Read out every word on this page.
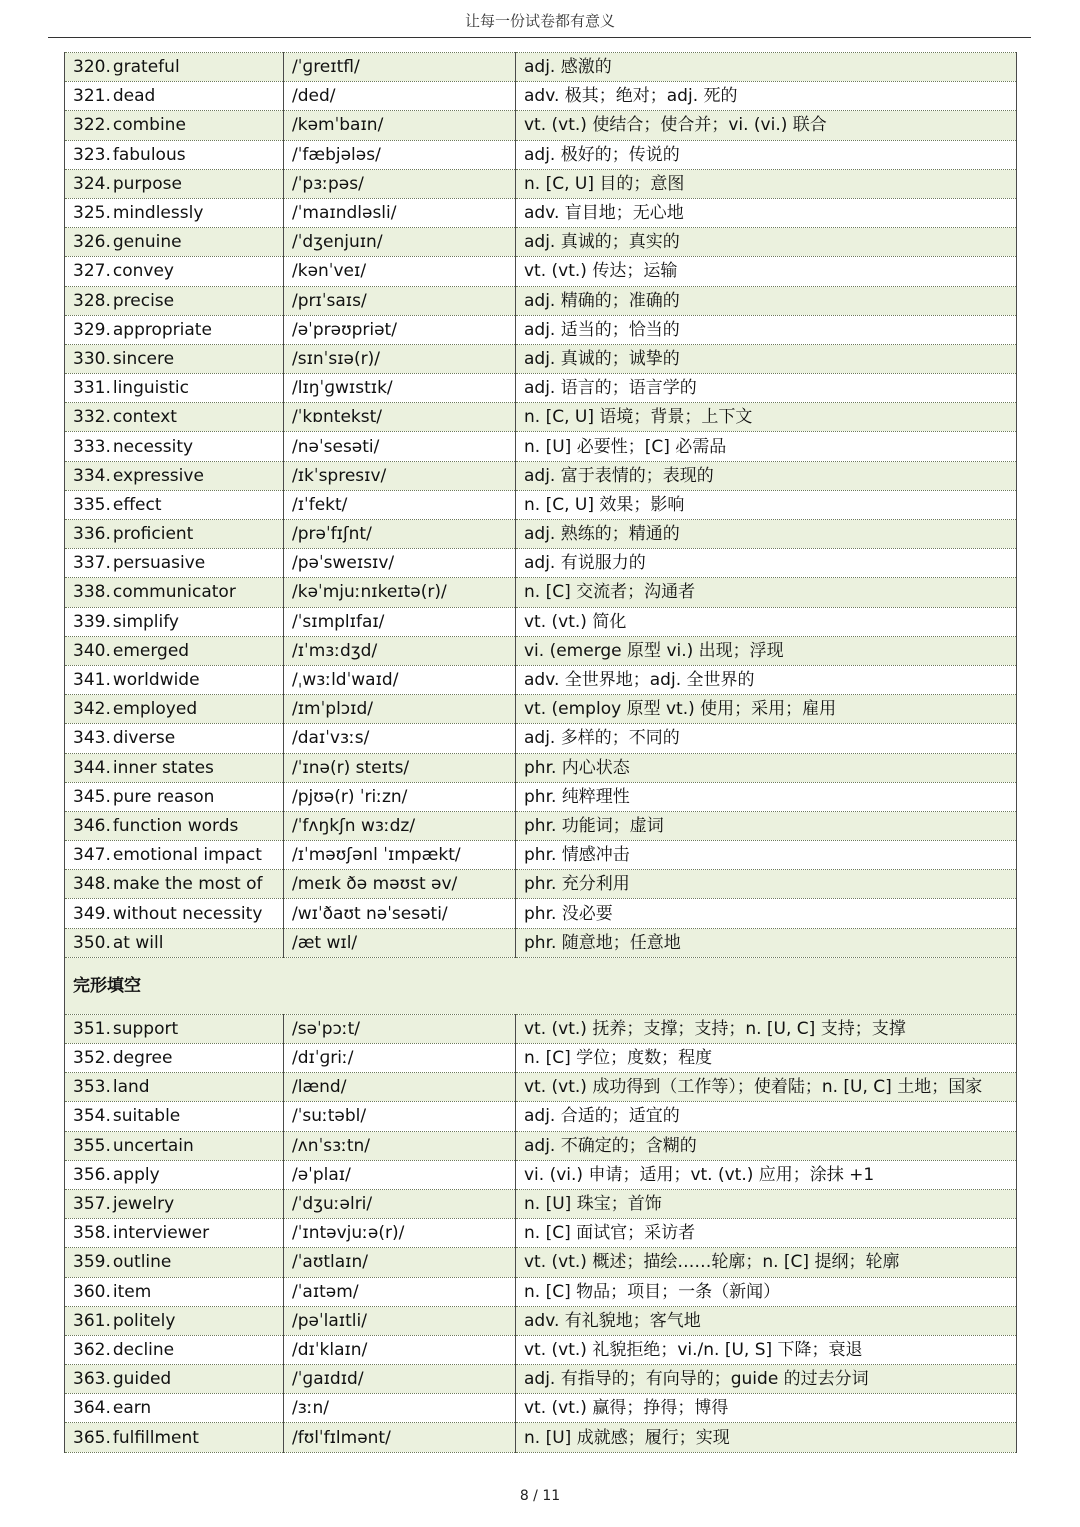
让每一份试卷都有意义
320. grateful	/ˈɡreɪtfl/	adj. 感激的
321. dead	/ded/	adv. 极其；绝对；adj. 死的
322. combine	/kəmˈbaɪn/	vt. (vt.) 使结合；使合并；vi. (vi.) 联合
323. fabulous	/ˈfæbjələs/	adj. 极好的；传说的
324. purpose	/ˈpɜːpəs/	n. [C, U] 目的；意图
325. mindlessly	/ˈmaɪndləsli/	adv. 盲目地；无心地
326. genuine	/ˈdʒenjuɪn/	adj. 真诚的；真实的
327. convey	/kənˈveɪ/	vt. (vt.) 传达；运输
328. precise	/prɪˈsaɪs/	adj. 精确的；准确的
329. appropriate	/əˈprəʊpriət/	adj. 适当的；恰当的
330. sincere	/sɪnˈsɪə(r)/	adj. 真诚的；诚挚的
331. linguistic	/lɪŋˈɡwɪstɪk/	adj. 语言的；语言学的
332. context	/ˈkɒntekst/	n. [C, U] 语境；背景；上下文
333. necessity	/nəˈsesəti/	n. [U] 必要性；[C] 必需品
334. expressive	/ɪkˈspresɪv/	adj. 富于表情的；表现的
335. effect	/ɪˈfekt/	n. [C, U] 效果；影响
336. proficient	/prəˈfɪʃnt/	adj. 熟练的；精通的
337. persuasive	/pəˈsweɪsɪv/	adj. 有说服力的
338. communicator	/kəˈmjuːnɪkeɪtə(r)/	n. [C] 交流者；沟通者
339. simplify	/ˈsɪmplɪfaɪ/	vt. (vt.) 简化
340. emerged	/ɪˈmɜːdʒd/	vi. (emerge 原型 vi.) 出现；浮现
341. worldwide	/ˌwɜːldˈwaɪd/	adv. 全世界地；adj. 全世界的
342. employed	/ɪmˈplɔɪd/	vt. (employ 原型 vt.) 使用；采用；雇用
343. diverse	/daɪˈvɜːs/	adj. 多样的；不同的
344. inner states	/ˈɪnə(r) steɪts/	phr. 内心状态
345. pure reason	/pjʊə(r) ˈriːzn/	phr. 纯粹理性
346. function words	/ˈfʌŋkʃn wɜːdz/	phr. 功能词；虚词
347. emotional impact	/ɪˈməʊʃənl ˈɪmpækt/	phr. 情感冲击
348. make the most of	/meɪk ðə məʊst əv/	phr. 充分利用
349. without necessity	/wɪˈðaʊt nəˈsesəti/	phr. 没必要
350. at will	/æt wɪl/	phr. 随意地；任意地
完形填空		
351. support	/səˈpɔːt/	vt. (vt.) 抚养；支撑；支持；n. [U, C] 支持；支撑
352. degree	/dɪˈɡriː/	n. [C] 学位；度数；程度
353. land	/lænd/	vt. (vt.) 成功得到（工作等）；使着陆；n. [U, C] 土地；国家
354. suitable	/ˈsuːtəbl/	adj. 合适的；适宜的
355. uncertain	/ʌnˈsɜːtn/	adj. 不确定的；含糊的
356. apply	/əˈplaɪ/	vi. (vi.) 申请；适用；vt. (vt.) 应用；涂抹 +1
357. jewelry	/ˈdʒuːəlri/	n. [U] 珠宝；首饰
358. interviewer	/ˈɪntəvjuːə(r)/	n. [C] 面试官；采访者
359. outline	/ˈaʊtlaɪn/	vt. (vt.) 概述；描绘……轮廓；n. [C] 提纲；轮廓
360. item	/ˈaɪtəm/	n. [C] 物品；项目；一条（新闻）
361. politely	/pəˈlaɪtli/	adv. 有礼貌地；客气地
362. decline	/dɪˈklaɪn/	vt. (vt.) 礼貌拒绝；vi./n. [U, S] 下降；衰退
363. guided	/ˈɡaɪdɪd/	adj. 有指导的；有向导的；guide 的过去分词
364. earn	/ɜːn/	vt. (vt.) 赢得；挣得；博得
365. fulfillment	/fʊlˈfɪlmənt/	n. [U] 成就感；履行；实现
8 / 11
